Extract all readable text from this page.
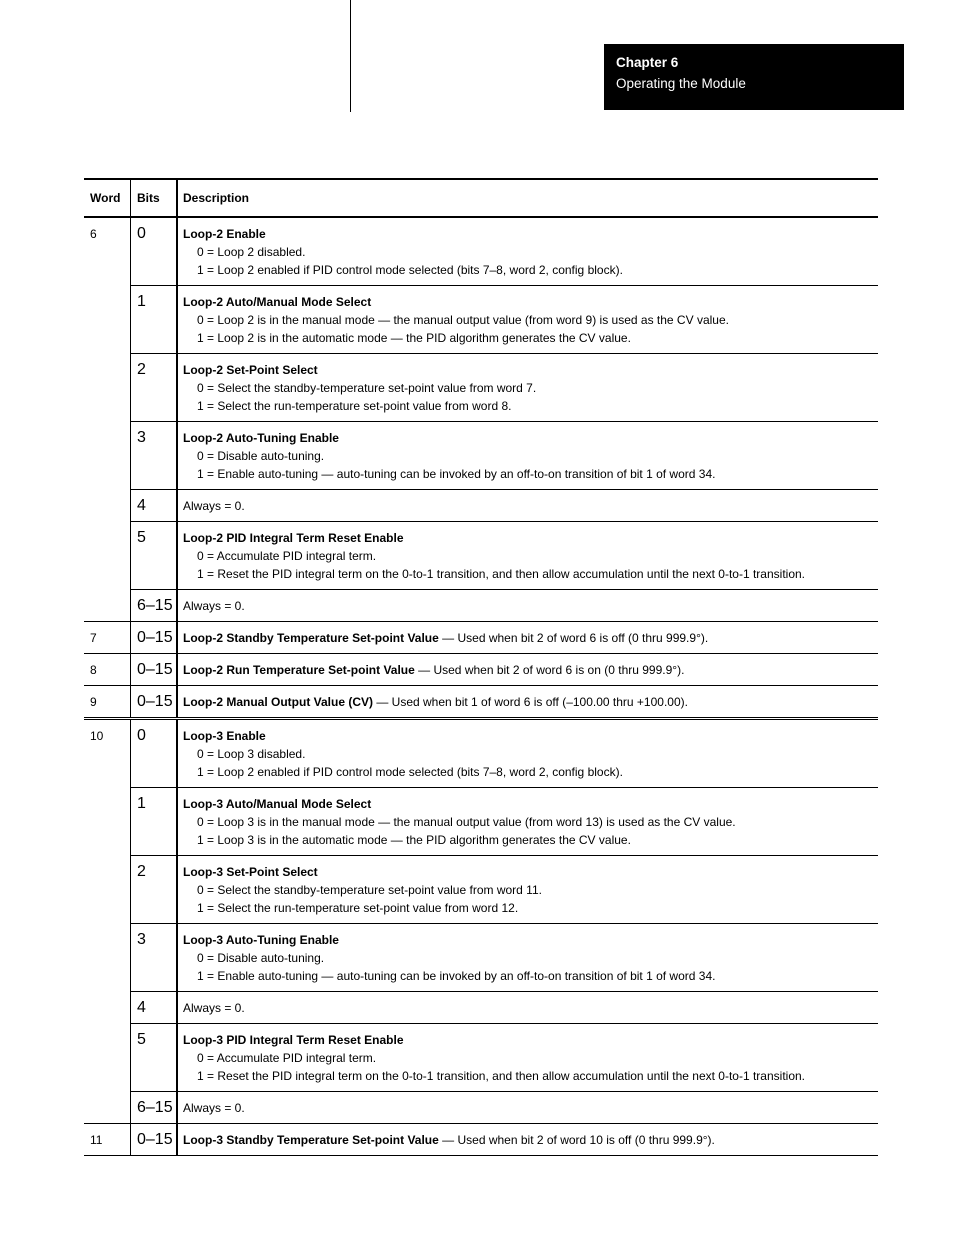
Chapter 6
Operating the Module
Word	Bits	Description
6	0	Loop-2 Enable
0 = Loop 2 disabled.
1 = Loop 2 enabled if PID control mode selected (bits 7–8, word 2, config block).
1	Loop-2 Auto/Manual Mode Select
0 = Loop 2 is in the manual mode — the manual output value (from word 9) is used as the CV value.
1 = Loop 2 is in the automatic mode — the PID algorithm generates the CV value.
2	Loop-2 Set-Point Select
0 = Select the standby-temperature set-point value from word 7.
1 = Select the run-temperature set-point value from word 8.
3	Loop-2 Auto-Tuning Enable
0 = Disable auto-tuning.
1 = Enable auto-tuning — auto-tuning can be invoked by an off-to-on transition of bit 1 of word 34.
4	Always = 0.
5	Loop-2 PID Integral Term Reset Enable
0 = Accumulate PID integral term.
1 = Reset the PID integral term on the 0-to-1 transition, and then allow accumulation until the next 0-to-1 transition.
6–15 Always = 0.
7	0–15 Loop-2 Standby Temperature Set-point Value — Used when bit 2 of word 6 is off (0 thru 999.9°).
8	0–15 Loop-2 Run Temperature Set-point Value — Used when bit 2 of word 6 is on (0 thru 999.9°).
9	0–15 Loop-2 Manual Output Value (CV) — Used when bit 1 of word 6 is off (–100.00 thru +100.00).
10	0	Loop-3 Enable
0 = Loop 3 disabled.
1 = Loop 2 enabled if PID control mode selected (bits 7–8, word 2, config block).
1	Loop-3 Auto/Manual Mode Select
0 = Loop 3 is in the manual mode — the manual output value (from word 13) is used as the CV value.
1 = Loop 3 is in the automatic mode — the PID algorithm generates the CV value.
2	Loop-3 Set-Point Select
0 = Select the standby-temperature set-point value from word 11.
1 = Select the run-temperature set-point value from word 12.
3	Loop-3 Auto-Tuning Enable
0 = Disable auto-tuning.
1 = Enable auto-tuning — auto-tuning can be invoked by an off-to-on transition of bit 1 of word 34.
4	Always = 0.
5	Loop-3 PID Integral Term Reset Enable
0 = Accumulate PID integral term.
1 = Reset the PID integral term on the 0-to-1 transition, and then allow accumulation until the next 0-to-1 transition.
6–15 Always = 0.
11	0–15 Loop-3 Standby Temperature Set-point Value — Used when bit 2 of word 10 is off (0 thru 999.9°).
